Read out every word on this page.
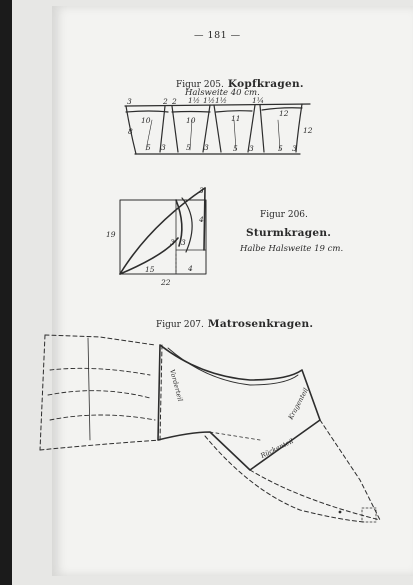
— 181 —
Figur 205. Kopfkragen.
Halsweite 40 cm.
Figur 206.
Sturmkragen.
Halbe Halsweite 19 cm.
Figur 207. Matrosenkragen.
3	2 2 1½ 1½ 1½	1¼
10	10	11
12
8	12
5 3	5 3	5 3	5 3
19
3
4
3 3
15	4
22
Vorderteil
Kragenteil
Rückenteil
